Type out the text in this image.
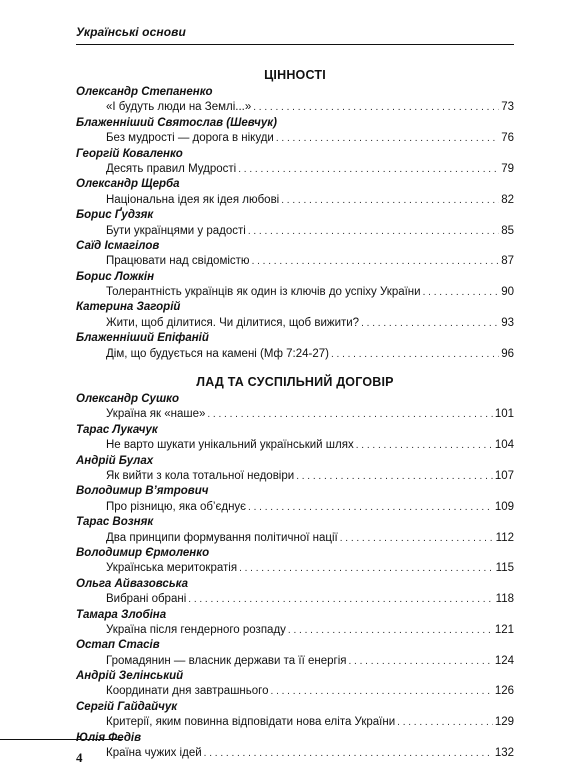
Українські основи
ЦІННОСТІ
Олександр Степаненко
«І будуть люди на Землі...» . . .	73
Блаженніший Святослав (Шевчук)
Без мудрості — дорога в нікуди . . .	76
Георгій Коваленко
Десять правил Мудрості . . .	79
Олександр Щерба
Національна ідея як ідея любові . . .	82
Борис Ґудзяк
Бути українцями у радості . . .	85
Саїд Ісмагілов
Працювати над свідомістю . . .	87
Борис Ложкін
Толерантність українців як один із ключів до успіху України . . .	90
Катерина Загорій
Жити, щоб ділитися. Чи ділитися, щоб вижити? . . .	93
Блаженніший Епіфаній
Дім, що будується на камені (Мф 7:24-27) . . .	96
ЛАД ТА СУСПІЛЬНИЙ ДОГОВІР
Олександр Сушко
Україна як «наше» . . .	101
Тарас Лукачук
Не варто шукати унікальний український шлях . . .	104
Андрій Булах
Як вийти з кола тотальної недовіри . . .	107
Володимир В’ятрович
Про різницю, яка об’єднує . . .	109
Тарас Возняк
Два принципи формування політичної нації . . .	112
Володимир Єрмоленко
Українська меритократія . . .	115
Ольга Айвазовська
Вибрані обрані . . .	118
Тамара Злобіна
Україна після гендерного розпаду . . .	121
Остап Стасів
Громадянин — власник держави та її енергія . . .	124
Андрій Зелінський
Координати дня завтрашнього . . .	126
Сергій Гайдайчук
Критерії, яким повинна відповідати нова еліта України . . .	129
Юлія Федів
Країна чужих ідей . . .	132
4
